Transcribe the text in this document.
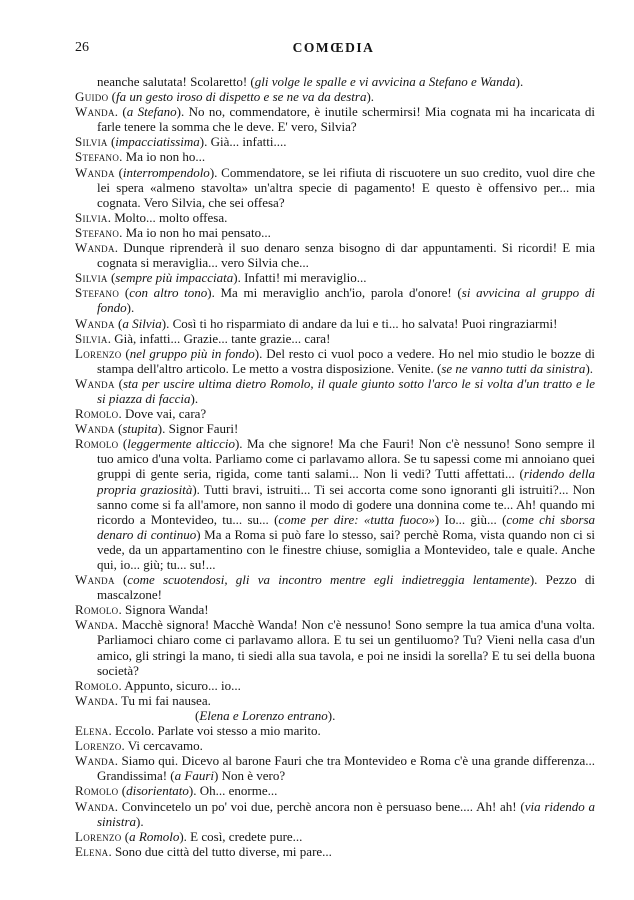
26	COMŒDIA

neanche salutata! Scolaretto! (gli volge le spalle e vi avvicina a Stefano e Wanda).

Guido (fa un gesto iroso di dispetto e se ne va da destra).

Wanda. (a Stefano). No no, commendatore, è inutile schermirsi! Mia cognata mi ha incaricata di farle tenere la somma che le deve. E' vero, Silvia?

Silvia (impacciatissima). Già... infatti....

Stefano. Ma io non ho...

Wanda (interrompendolo). Commendatore, se lei rifiuta di riscuotere un suo credito, vuol dire che lei spera «almeno stavolta» un'altra specie di pagamento! E questo è offensivo per... mia cognata. Vero Silvia, che sei offesa?

Silvia. Molto... molto offesa.

Stefano. Ma io non ho mai pensato...

Wanda. Dunque riprenderà il suo denaro senza bisogno di dar appuntamenti. Si ricordi! E mia cognata si meraviglia... vero Silvia che...

Silvia (sempre più impacciata). Infatti! mi meraviglio...

Stefano (con altro tono). Ma mi meraviglio anch'io, parola d'onore! (si avvicina al gruppo di fondo).

Wanda (a Silvia). Così ti ho risparmiato di andare da lui e ti... ho salvata! Puoi ringraziarmi!

Silvia. Già, infatti... Grazie... tante grazie... cara!

Lorenzo (nel gruppo più in fondo). Del resto ci vuol poco a vedere. Ho nel mio studio le bozze di stampa dell'altro articolo. Le metto a vostra disposizione. Venite. (se ne vanno tutti da sinistra).

Wanda (sta per uscire ultima dietro Romolo, il quale giunto sotto l'arco le si volta d'un tratto e le si piazza di faccia).

Romolo. Dove vai, cara?

Wanda (stupita). Signor Fauri!

Romolo (leggermente alticcio). Ma che signore! Ma che Fauri! Non c'è nessuno! Sono sempre il tuo amico d'una volta. Parliamo come ci parlavamo allora. Se tu sapessi come mi annoiano quei gruppi di gente seria, rigida, come tanti salami... Non li vedi? Tutti affettati... (ridendo della propria graziosità). Tutti bravi, istruiti... Ti sei accorta come sono ignoranti gli istruiti?... Non sanno come si fa all'amore, non sanno il modo di godere una donnina come te... Ah! quando mi ricordo a Montevideo, tu... su... (come per dire: «tutta fuoco») Io... giù... (come chi sborsa denaro di continuo) Ma a Roma si può fare lo stesso, sai? perchè Roma, vista quando non ci si vede, da un appartamentino con le finestre chiuse, somiglia a Montevideo, tale e quale. Anche qui, io... giù; tu... su!...

Wanda (come scuotendosi, gli va incontro mentre egli indietreggia lentamente). Pezzo di mascalzone!

Romolo. Signora Wanda!

Wanda. Macchè signora! Macchè Wanda! Non c'è nessuno! Sono sempre la tua amica d'una volta. Parliamoci chiaro come ci parlavamo allora. E tu sei un gentiluomo? Tu? Vieni nella casa d'un amico, gli stringi la mano, ti siedi alla sua tavola, e poi ne insidi la sorella? E tu sei della buona società?

Romolo. Appunto, sicuro... io...

Wanda. Tu mi fai nausea.

(Elena e Lorenzo entrano).

Elena. Eccolo. Parlate voi stesso a mio marito.

Lorenzo. Vi cercavamo.

Wanda. Siamo qui. Dicevo al barone Fauri che tra Montevideo e Roma c'è una grande differenza... Grandissima! (a Fauri) Non è vero?

Romolo (disorientato). Oh... enorme...

Wanda. Convincetelo un po' voi due, perchè ancora non è persuaso bene.... Ah! ah! (via ridendo a sinistra).

Lorenzo (a Romolo). E così, credete pure...

Elena. Sono due città del tutto diverse, mi pare...
